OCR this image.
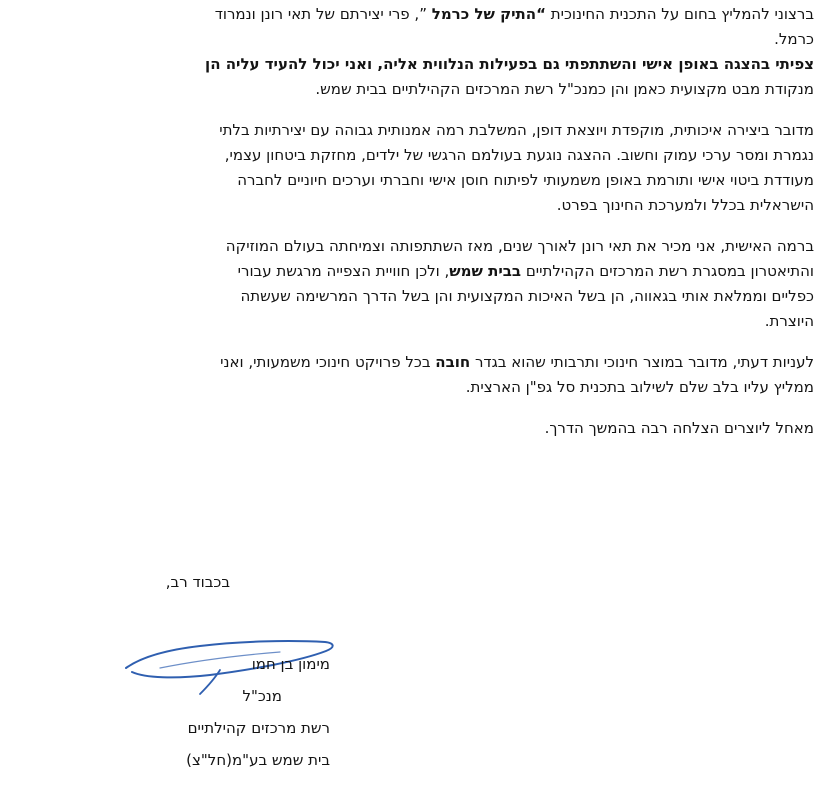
ברצוני להמליץ בחום על התכנית החינוכית “התיק של כרמל ”, פרי יצירתם של תאי רונן ונמרוד
כרמל.
צפיתי בהצגה באופן אישי והשתתפתי גם בפעילות הנלווית אליה, ואני יכול להעיד עליה הן
מנקודת מבט מקצועית כאמן והן כמנכ"ל רשת המרכזים הקהילתיים בבית שמש.
מדובר ביצירה איכותית, מוקפדת ויוצאת דופן, המשלבת רמה אמנותית גבוהה עם יצירתיות בלתי
נגמרת ומסר ערכי עמוק וחשוב. ההצגה נוגעת בעולמם הרגשי של ילדים, מחזקת ביטחון עצמי,
מעודדת ביטוי אישי ותורמת באופן משמעותי לפיתוח חוסן אישי וחברתי וערכים חיוניים לחברה
הישראלית בכלל ולמערכת החינוך בפרט.
ברמה האישית, אני מכיר את תאי רונן לאורך שנים, מאז השתתפותה וצמיחתה בעולם המוזיקה
והתיאטרון במסגרת רשת המרכזים הקהילתיים בבית שמש, ולכן חוויית הצפייה מרגשת עבורי
כפליים וממלאת אותי בגאווה, הן בשל האיכות המקצועית והן בשל הדרך המרשימה שעשתה
היוצרת.
לעניות דעתי, מדובר במוצר חינוכי ותרבותי שהוא בגדר חובה בכל פרויקט חינוכי משמעותי, ואני
ממליץ עליו בלב שלם לשילוב בתכנית סל גפ"ן הארצית.
מאחל ליוצרים הצלחה רבה בהמשך הדרך.
בכבוד רב,
מימון בן חמו
מנכ"ל
רשת מרכזים קהילתיים
בית שמש בע"מ(חל"צ)
